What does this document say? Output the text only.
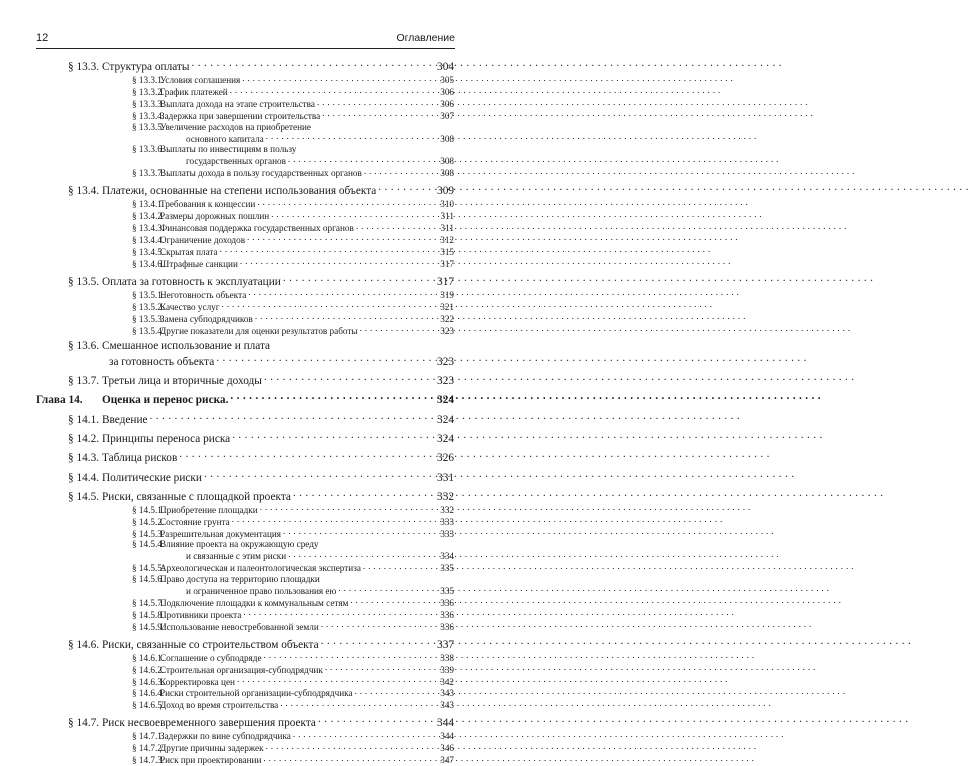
12	Оглавление
§ 13.3. Структура оплаты . . .	304
§ 13.3.1.
Условия соглашения . . .	305
§ 13.3.2.
График платежей . . .	306
§ 13.3.3.
Выплата дохода на этапе строительства . . .	306
§ 13.3.4.
Задержка при завершении строительства . . .	307
§ 13.3.5.
Увеличение расходов на приобретение
основного капитала . . .	308
§ 13.3.6.
Выплаты по инвестициям в пользу
государственных органов . . .	308
§ 13.3.7.
Выплаты дохода в пользу государственных органов . . .	308
§ 13.4. Платежи, основанные на степени использования объекта . . .	309
§ 13.4.1.
Требования к концессии . . .	310
§ 13.4.2.
Размеры дорожных пошлин . . .	311
§ 13.4.3.
Финансовая поддержка государственных органов . . .	311
§ 13.4.4.
Ограничение доходов . . .	312
§ 13.4.5.
Скрытая плата . . .	315
§ 13.4.6.
Штрафные санкции . . .	317
§ 13.5. Оплата за готовность к эксплуатации . . .	317
§ 13.5.1.
Неготовность объекта . . .	319
§ 13.5.2.
Качество услуг . . .	321
§ 13.5.3.
Замена субподрядчиков . . .	322
§ 13.5.4.
Другие показатели для оценки результатов работы . . .	323
§ 13.6. Смешанное использование и плата
за готовность объекта . . .	323
§ 13.7. Третьи лица и вторичные доходы . . .	323
Глава 14.	Оценка и перенос риска. . . .	324
§ 14.1. Введение . . .	324
§ 14.2. Принципы переноса риска . . .	324
§ 14.3. Таблица рисков . . .	326
§ 14.4. Политические риски . . .	331
§ 14.5. Риски, связанные с площадкой проекта . . .	332
§ 14.5.1.
Приобретение площадки . . .	332
§ 14.5.2.
Состояние грунта . . .	333
§ 14.5.3.
Разрешительная документация . . .	333
§ 14.5.4.
Влияние проекта на окружающую среду
и связанные с этим риски . . .	334
§ 14.5.5.
Археологическая и палеонтологическая экспертиза . . .	335
§ 14.5.6.
Право доступа на территорию площадки
и ограниченное право пользования ею . . .	335
§ 14.5.7.
Подключение площадки к коммунальным сетям . . .	336
§ 14.5.8.
Противники проекта . . .	336
§ 14.5.9.
Использование невостребованной земли . . .	336
§ 14.6. Риски, связанные со строительством объекта . . .	337
§ 14.6.1.
Соглашение о субподряде . . .	338
§ 14.6.2.
Строительная организация-субподрядчик . . .	339
§ 14.6.3.
Корректировка цен . . .	342
§ 14.6.4.
Риски строительной организации-субподрядчика . . .	343
§ 14.6.5.
Доход во время строительства . . .	343
§ 14.7. Риск несвоевременного завершения проекта . . .	344
§ 14.7.1.
Задержки по вине субподрядчика . . .	344
§ 14.7.2.
Другие причины задержек . . .	346
§ 14.7.3.
Риск при проектировании . . .	347
